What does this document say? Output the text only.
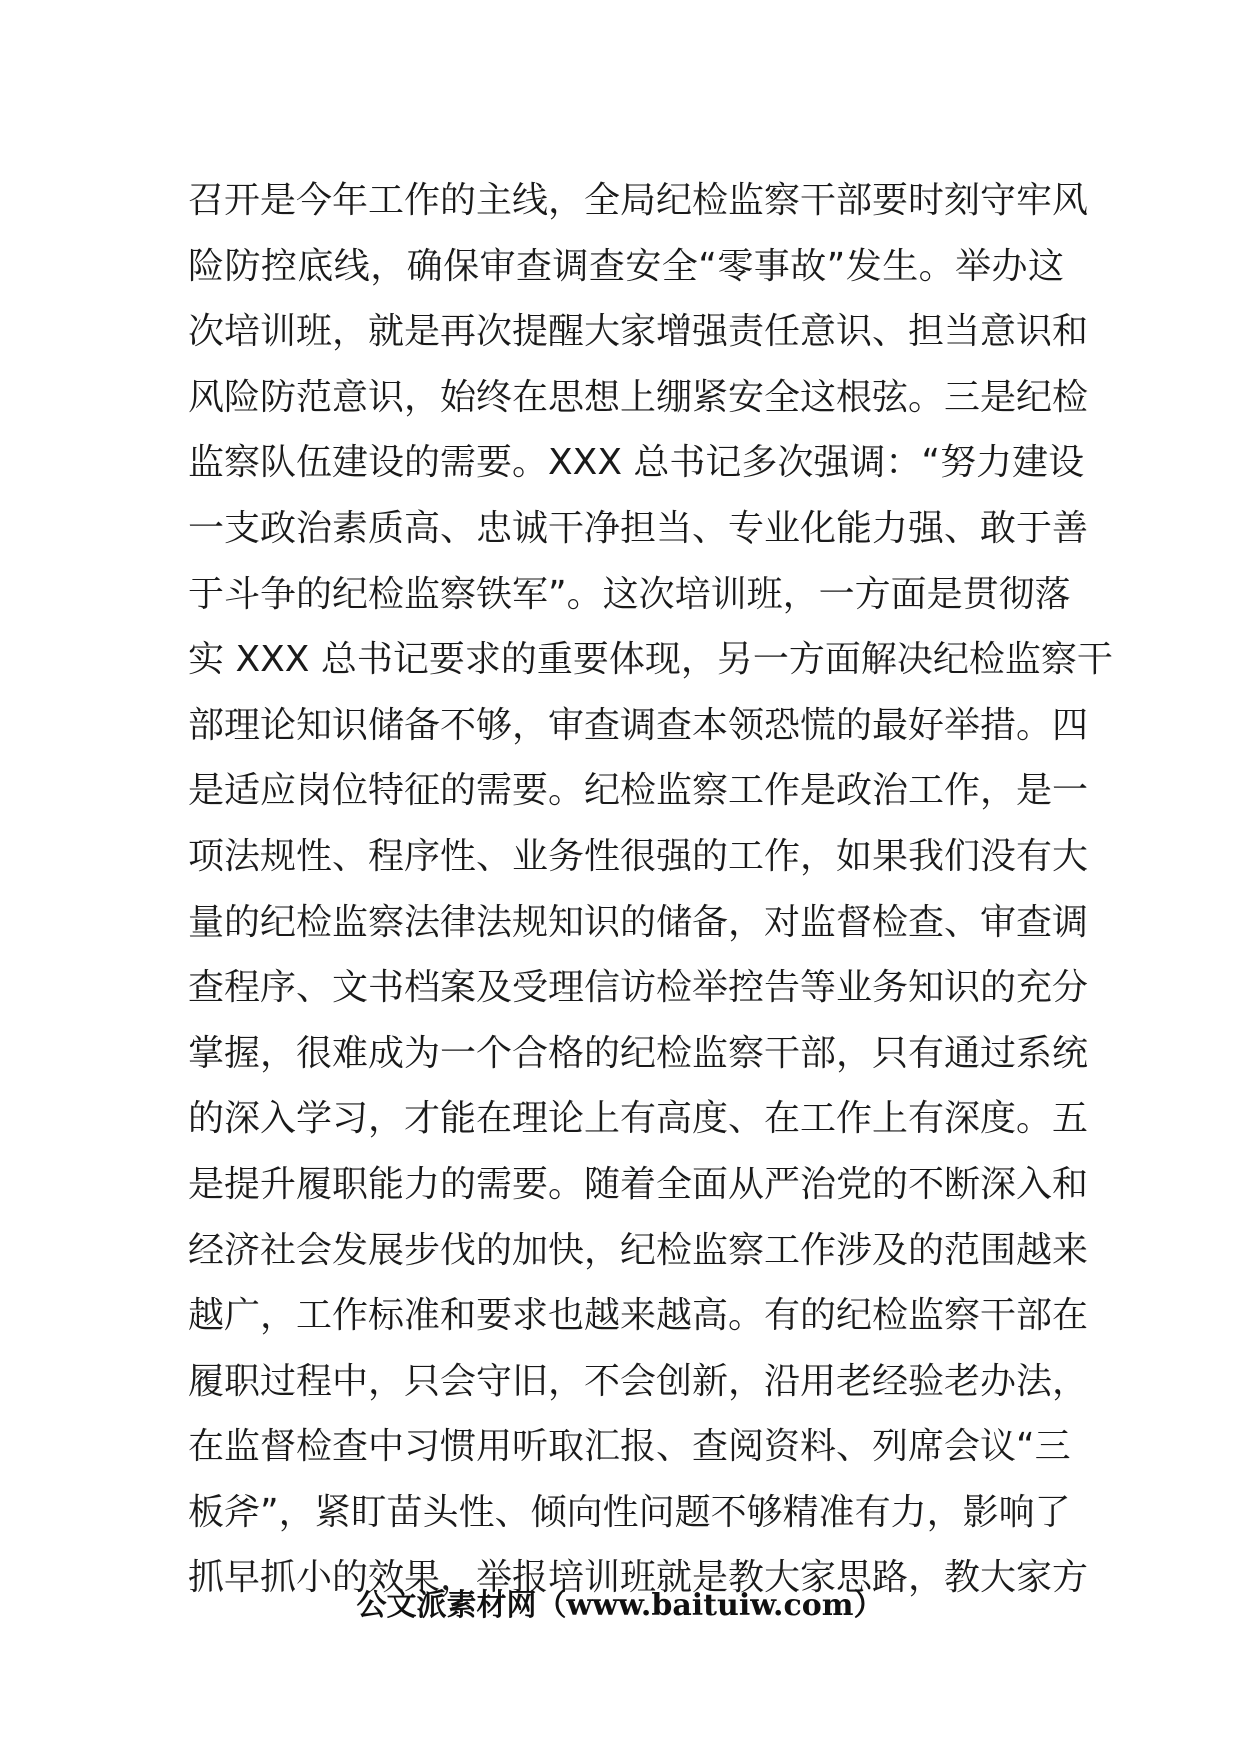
召开是今年工作的主线，全局纪检监察干部要时刻守牢风
险防控底线，确保审查调查安全“零事故”发生。举办这
次培训班，就是再次提醒大家增强责任意识、担当意识和
风险防范意识，始终在思想上绷紧安全这根弦。三是纪检
监察队伍建设的需要。XXX 总书记多次强调：“努力建设
一支政治素质高、忠诚干净担当、专业化能力强、敢于善
于斗争的纪检监察铁军”。这次培训班，一方面是贯彻落
实 XXX 总书记要求的重要体现，另一方面解决纪检监察干
部理论知识储备不够，审查调查本领恐慌的最好举措。四
是适应岗位特征的需要。纪检监察工作是政治工作，是一
项法规性、程序性、业务性很强的工作，如果我们没有大
量的纪检监察法律法规知识的储备，对监督检查、审查调
查程序、文书档案及受理信访检举控告等业务知识的充分
掌握，很难成为一个合格的纪检监察干部，只有通过系统
的深入学习，才能在理论上有高度、在工作上有深度。五
是提升履职能力的需要。随着全面从严治党的不断深入和
经济社会发展步伐的加快，纪检监察工作涉及的范围越来
越广，工作标准和要求也越来越高。有的纪检监察干部在
履职过程中，只会守旧，不会创新，沿用老经验老办法，
在监督检查中习惯用听取汇报、查阅资料、列席会议“三
板斧”，紧盯苗头性、倾向性问题不够精准有力，影响了
抓早抓小的效果，举报培训班就是教大家思路，教大家方
公文派素材网（www.baituiw.com）
